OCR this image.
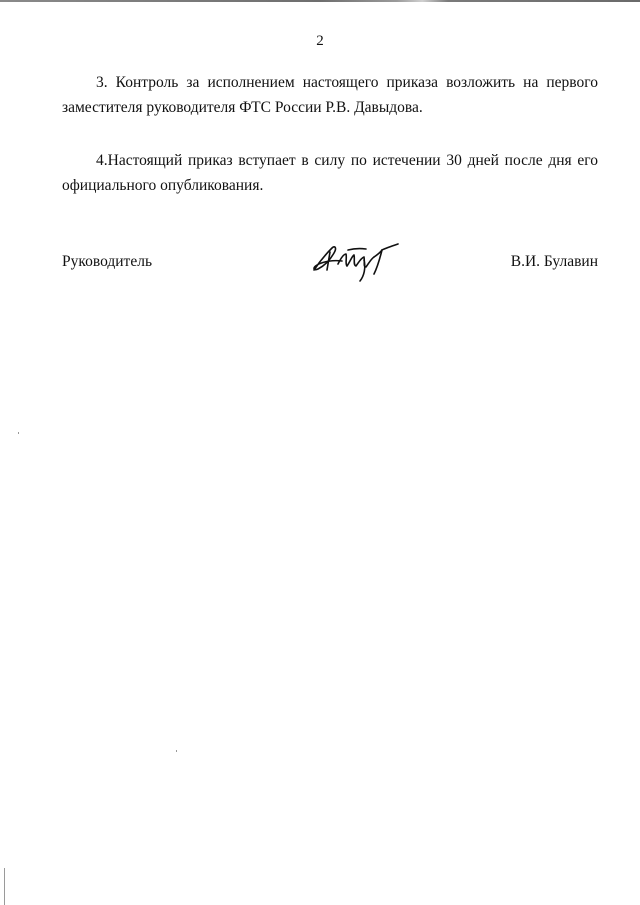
2
3. Контроль за исполнением настоящего приказа возложить на первого
заместителя руководителя ФТС России Р.В. Давыдова.
4.Настоящий приказ вступает в силу по истечении 30 дней после дня его
официального опубликования.
Руководитель	В.И. Булавин
